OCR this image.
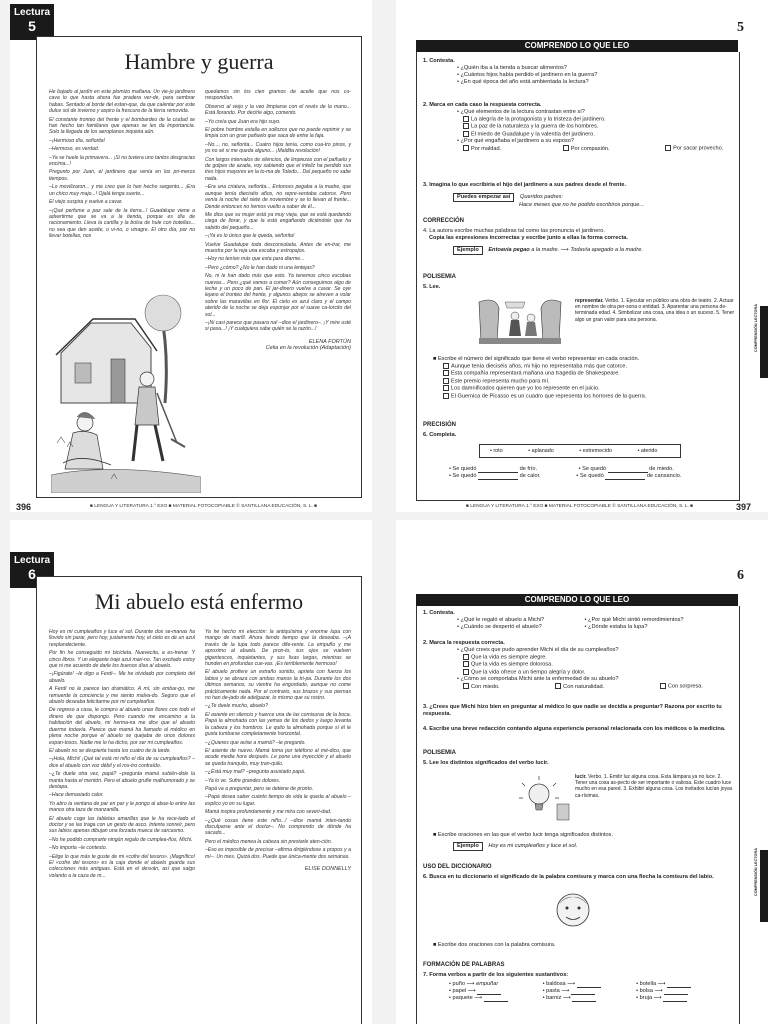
Lectura
5
Hambre y guerra

He bajado al jardín en este plomizo mañana. Un vie-jo jardinero cava lo que hasta ahora fue pradera ver-de, para sembrar habas. Sentado al borde del estan-que, da que calentar por este dulce sol de invierno y aspiro la frescura de la tierra removida.

El constante tronteo del frente y el bombardeo de la ciudad se han hecho tan familiares que apenas se les da importancia. Solo la llegada de los aeroplanos inquieta aún.

–¡Hermoso día, señorita!

–Hermoso, es verdad.

–Ya se huele la primavera... ¡Si no tuviera uno tantos desgracias encima...!

Pregunto por Juan, el jardinero que venía en los pri-meros tiempos.

–Lo movilizaron... y me creo que lo han hecho sargento... ¡Era un chico muy majo...! Ojalá tenga suerte...

El viejo suspira y vuelve a cavar.

–¡Qué perfume a paz sale de la tierra...! Guadalupe viene a advertirme que se va a la tienda, porque es día de racionamiento. Lleva la cartilla y la bolsa de hule con botellas... no sea que den aceite, o vi-no, o vinagre. El otro día, por no llevar botellas, nos

quedamos sin los cien gramos de aceite que nos co-rrespondían.

Observo al viejo y la veo limpiarse con el revés de la mano... Está llorando. Por decirle algo, comento.

–Yo creía que Juan era hijo suyo.

El pobre hombre estalla en sollozos que no puede reprimir y se limpia con un gran pañuelo que saca de entre la faja.

–No..., no, señorita... Cuatro hijos tenía, como cua-tro pinos, y yo no sé si me queda alguno... ¡Maldita revolución!

Con largos intervalos de silencios, de limpiezas con el pañuelo y de golpes de azada, voy sabiendo que el infeliz ha perdido sus tres hijos mayores en la to-ma de Toledo... Del pequeño no sabe nada.

–Era una criatura, señorita... Entonces pegaba a la madre, que aunque tenía dieciséis años, no repre-sentaba catorce. Pero venía la noche del siete de noviembre y se lo llevan al frente... Dende entonces no hemos vuelto a saber de él...

Me dice que su mujer está ya muy vieja, que se está quedando ciega de llorar, y que la está engañando diciéndole que ha sabido del pequeño...

–¡Ya es lo único que le queda, señorita!

Vuelve Guadalupe toda desconsolada. Antes de en-trar, me muestra por la reja una escoba y estropajos.

–Hoy no tenían más que esta para diarme...

–Pero ¿cómo? ¿No le han dado ni una lentejas?

No, ni le han dado más que esto. Ya tenemos cinco escobas nuevas... Pero ¿qué vamos a comer? Aún conseguimos algo de leche y un poco de pan. El jar-dinero vuelve a cavar. Se oye lejano el tronteo del frente, y algunos abejos se atreven a volar sobre las maravillas en flor. El cielo es azul claro y el campo aterido de la noche se deja esponjar por el suave ca-lorcito del sol...

–¡Ni casi parece que pasara na! –dice el jardinero–. ¡Y mire usté si pasa...! ¡Y cualquiera sabe quién se la razón...!

ELENA FORTÚN
Celia en la revolución (Adaptación)
396	■ LENGUA Y LITERATURA 1.° ESO ■ MATERIAL FOTOCOPIABLE © SANTILLANA EDUCACIÓN, S. L. ■
5
COMPRENDO LO QUE LEO
1. Contesta.
• ¿Quién iba a la tienda a buscar alimentos?
• ¿Cuántos hijos había perdido el jardinero en la guerra?
• ¿En qué época del año está ambientada la lectura?
2. Marca en cada caso la respuesta correcta.
• ¿Qué elementos de la lectura contrastan entre sí?
La alegría de la protagonista y la tristeza del jardinero.
La paz de la naturaleza y la guerra de los hombres.
El miedo de Guadalupe y la valentía del jardinero.
• ¿Por qué engañaba el jardinero a su esposo?
Por maldad.	Por compasión.	Por sacar provecho.
3. Imagina lo que escribiría el hijo del jardinero a sus padres desde el frente.
Puedes empezar así Queridos padres:
Hace meses que no he podido escribiros porque...
CORRECCIÓN
4. La autora escribe muchas palabras tal como las pronuncia el jardinero.
Copia las expresiones incorrectas y escribe junto a ellas la forma correcta.
Ejemplo Entoavía pegao a la madre. ⟶ Todavía apegado a la madre.
POLISEMIA
5. Lee.
representar. Verbo. 1. Ejecutar en público una obra de teatro. 2. Actuar en nombre de otra per-sona o entidad. 3. Aparentar una persona de-terminada edad. 4. Simbolizar una cosa, una idea o un suceso. 5. Tener algo un gran valor para una persona.
■ Escribe el número del significado que tiene el verbo representar en cada oración.
Aunque tenía dieciséis años, mi hijo no representaba más que catorce.
Esta compañía representará mañana una tragedia de Shakespeare.
Este premio representa mucho para mí.
Los damnificados quieren que yo los represente en el juicio.
El Guernica de Picasso es un cuadro que representa los horrores de la guerra.
PRECISIÓN
6. Completa.
• roto	• aplanado	• estremecido	• aterido
• Se quedó	de frío.	• Se quedó	de miedo.
• Se quedó	de calor.	• Se quedó	de cansancio.
COMPRENSIÓN LECTORA
■ LENGUA Y LITERATURA 1.° ESO ■ MATERIAL FOTOCOPIABLE © SANTILLANA EDUCACIÓN, S. L. ■	397
Lectura
6
Mi abuelo está enfermo

Hoy es mi cumpleaños y luce el sol. Durante dos se-manas ha llovido sin parar, pero hoy, justamente hoy, el cielo es de un azul resplandeciente.

Por fin he conseguido mi bicicleta. Nuevecita, a es-trenar. Y cinco libros. Y un elegante traje azul mari-no. Tan excitado estoy que ni me acuerdo de darle los buenos días al abuelo.

–¡Figúrate! –le digo a Ferdi–. Me he olvidado por completo del abuelo.

A Ferdi no le parece tan dramático. A mí, sin embar-go, me remuerde la conciencia y me siento malva-do. Seguro que el abuelo deseaba felicitarme por mi cumpleaños.

De regreso a casa, le compro al abuelo unas flores con todo el dinero de que dispongo. Pero cuando me encamino a la habitación del abuelo, mi herma-na me dice que el abuelo duerme todavía. Parece que mamá ha llamado al médico en plena noche porque el abuelo se quejaba de unos dolores espan-tosos. Nadie me lo ha dicho, por ser mi cumpleaños.

El abuelo no se despierta hasta los cuatro de la tarde.

–¡Hola, Michi! ¡Qué tal está mi niño el día de su cumpleaños? –dice el abuelo con voz débil y el ros-tro contraído.

–¿Te duele otra vez, papá? –pregunta mamá subién-dole la manta hasta el mentón. Pero el abuelo gruñe malhumorado y se destapa.

–Hace demasiado calor.

Yo abro la ventana de par en par y le pongo al abue-lo entre las manos otra taza de manzanilla.

El abuelo coge las tabletas amarillas que le ha rece-tado el doctor y se las traga con un gesto de asco. Intenta sonreír, pero sus labios apenas dibujan una forzada mueca de sarcasmo.

–No he podido comprarte ningún regalo de cumplea-ños, Michi.

–No importa –le contesto.

–Elige lo que más te guste de mi «cofre del tesoro». ¡Magnífico! El «cofre del tesoro» es la caja donde el abuelo guarda sus colecciones más antiguas. Está en el desván, así que salgo volando a la caza de m...

Ya he hecho mi elección: la antiquísima y enorme lupa con mango de marfil. Ahora tiendo tiempo que la deseaba. –¡A través de la lupa todo parece dife-rente. La empuño y me aproximo al abuelo. De pron-to, sus ojos se vuelven gigantescos, inquietantes, y sus lisas largas, mientras se hunden en profundas cue-vas. ¡Es terriblemente hermoso!

El abuelo profiere un extraño sonido, aprieta con fuerza los labios y se abraza con ambas manos la tri-pa. Durante los dos últimos semanos, su vientre ha engordado, aunque no come prácticamente nada. Por el contrario, sus brazos y sus piernas no han de-jado de adelgazar, lo mismo que su rostro.

–¿Te duele mucho, abuelo?

El asiente en silencio y huerce una de las comisuras de la boca. Papá la almohada con las yemas de los dedos y luego levanta la cabeza y los hombros. Le quito la almohada porque sí él le gusta tumbarse completamente horizontal.

–¿Quieres que avise a mamá? –le pregunto.

El asiente de nuevo. Mamá toma por teléfono al mé-dico, que acude media hora después. Le pone una inyección y el abuelo se queda tranquilo, muy tran-quilo.

–¿Está muy mal? –pregunta asustado papá.

–Ya lo ve. Sufre grandes dolores.

Papá va a preguntar, pero se detiene de pronto.

–Papá desea saber cuánto tiempo de vida le queda al abuelo –explico yo en su lugar.

Mamá inspira profundamente y me mira con severi-dad.

–¿Qué cosas tiene este niño...! –dice mamá inten-tando disculparse ante el doctor–. No comprendo de dónde ha sacado...

Pero el médico menea la cabeza sin prestarle aten-ción.

–Eso es imposible de precisar –afirma dirigiéndose a propos y a mí–. Un mes. Quizá dos. Puede que única-mente dos semanas.

ELISE DONNELLY
6
COMPRENDO LO QUE LEO
1. Contesta.
• ¿Qué le regaló el abuelo a Michi?	• ¿Por qué Michi sintió remordimientos?
• ¿Cuándo se despertó el abuelo?	• ¿Dónde estaba la lupa?
2. Marca la respuesta correcta.
• ¿Qué crees que pudo aprender Michi el día de su cumpleaños?
Que la vida es siempre alegre.
Que la vida es siempre dolorosa.
Que la vida ofrece a un tiempo alegría y dolor.
• ¿Cómo se comportaba Michi ante la enfermedad de su abuelo?
Con miedo.	Con naturalidad.	Con sorpresa.
3. ¿Crees que Michi hizo bien en preguntar al médico lo que nadie se decidía a preguntar? Razona por escrito tu respuesta.
4. Escribe una breve redacción contando alguna experiencia personal relacionada con los médicos o la medicina.
POLISEMIA
5. Lee los distintos significados del verbo lucir.
lucir. Verbo. 1. Emitir luz alguna cosa. Esta lámpara ya no luce. 2. Tener una cosa as-pecto de ser importante o valiosa. Este cuadro luce mucho en esa pared. 3. Exhibir alguna cosa. Los invitados lucían joyas ca-rísimas.
■ Escribe oraciones en las que el verbo lucir tenga significados distintos.
Ejemplo Hoy es mi cumpleaños y luce el sol.
USO DEL DICCIONARIO
6. Busca en tu diccionario el significado de la palabra comisura y marca con una flecha la comisura del labio.
■ Escribe dos oraciones con la palabra comisura.
FORMACIÓN DE PALABRAS
7. Forma verbos a partir de los siguientes sustantivos:
• puño ⟶ empuñar	• baldosa ⟶	• botella ⟶
• papel ⟶	• pasta ⟶	• bolsa ⟶
• paquete ⟶	• barniz ⟶	• bruja ⟶
COMPRENSIÓN LECTORA
